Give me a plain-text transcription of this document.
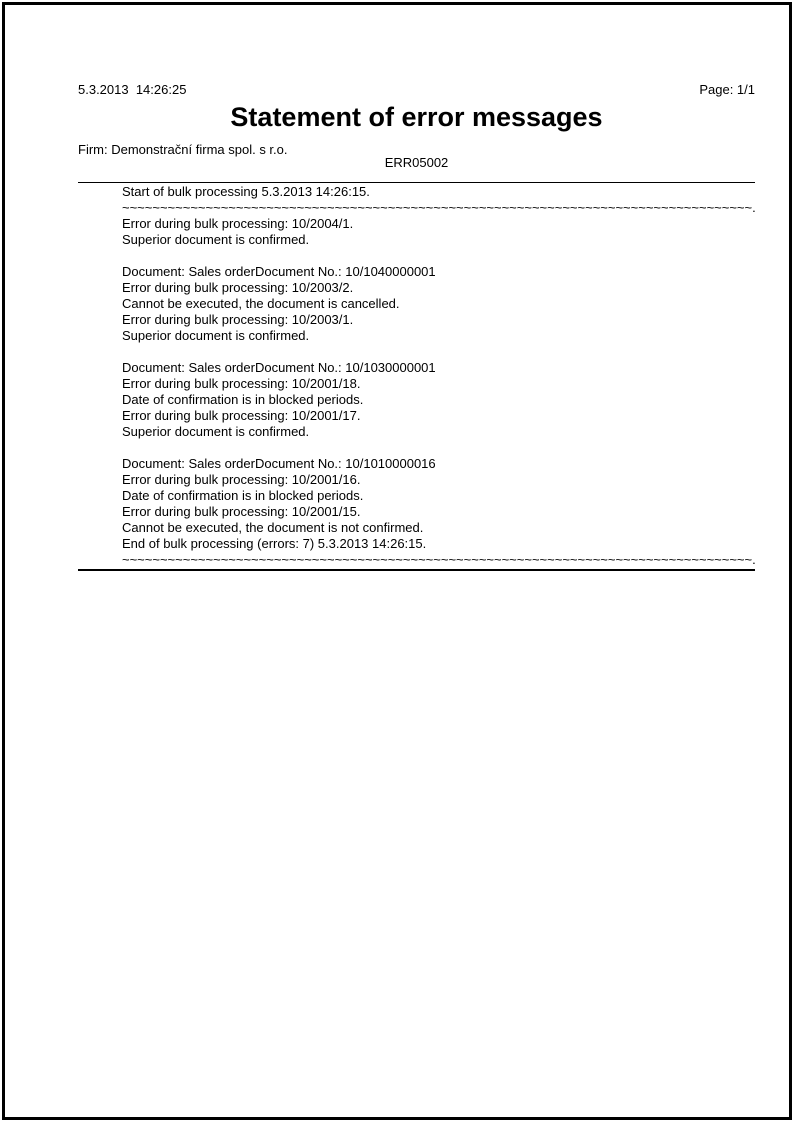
5.3.2013  14:26:25

Firm: Demonstrační firma spol. s r.o.

Page: 1/1

Statement of error messages
ERR05002
Start of bulk processing 5.3.2013 14:26:15.
~~~~~~~~~~~~~~~~~~~~~~~~~~~~~~~~~~~~~~~~~~~~~~~~~~~~~~~~~~~~~~~~~~~~~~~~~~~~~~~~~~~.
Error during bulk processing: 10/2004/1.
Superior document is confirmed.
Document: Sales orderDocument No.: 10/1040000001
Error during bulk processing: 10/2003/2.
Cannot be executed, the document is cancelled.
Error during bulk processing: 10/2003/1.
Superior document is confirmed.
Document: Sales orderDocument No.: 10/1030000001
Error during bulk processing: 10/2001/18.
Date of confirmation is in blocked periods.
Error during bulk processing: 10/2001/17.
Superior document is confirmed.
Document: Sales orderDocument No.: 10/1010000016
Error during bulk processing: 10/2001/16.
Date of confirmation is in blocked periods.
Error during bulk processing: 10/2001/15.
Cannot be executed, the document is not confirmed.
End of bulk processing (errors: 7) 5.3.2013 14:26:15.
~~~~~~~~~~~~~~~~~~~~~~~~~~~~~~~~~~~~~~~~~~~~~~~~~~~~~~~~~~~~~~~~~~~~~~~~~~~~~~~~~~~.
